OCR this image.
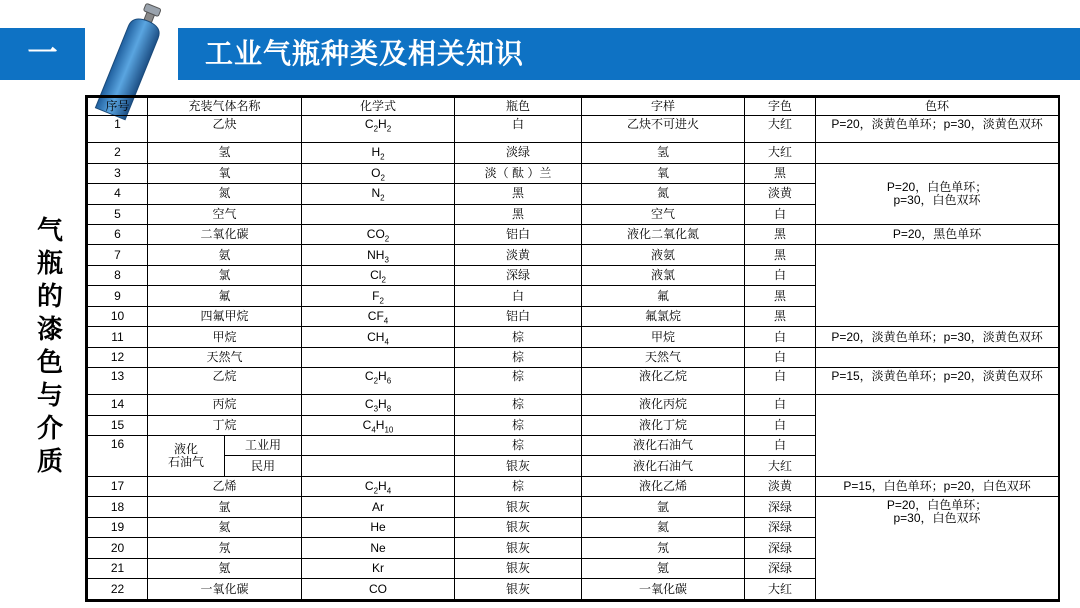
一	工业气瓶种类及相关知识
气
瓶
的
漆
色
与
介
质
序号	充装气体名称		化学式	瓶色	字样	字色	色环
1	乙炔		$C_2H_2$	白	乙炔不可进火	大红	P=20，淡黄色单环；p=30，淡黄色双环
2	氢		$H_2$	淡绿	氢	大红	
3	氧		$O_2$	淡（ 酞 ）兰	氧	黑	P=20，白色单环；
p=30，白色双环

4	氮		$N_2$	黑	氮	淡黄	
5	空气			黑	空气	白	
6	二氧化碳		$CO_2$	铝白	液化二氧化氮	黑	P=20，黑色单环
7	氨		$NH_3$	淡黄	液氨	黑	
8	氯		$Cl_2$	深绿	液氯	白	
9	氟		$F_2$	白	氟	黑	
10	四氟甲烷		$CF_4$	铝白	氟氯烷	黑	
11	甲烷		$CH_4$	棕	甲烷	白	P=20，淡黄色单环；p=30，淡黄色双环
12	天然气			棕	天然气	白	
13	乙烷		$C_2H_6$	棕	液化乙烷	白	P=15，淡黄色单环；p=20，淡黄色双环
14	丙烷		$C_3H_8$	棕	液化丙烷	白	
15	丁烷		$C_4H_{10}$	棕	液化丁烷	白	
16	液化
石油气	工业用		棕	液化石油气	白	
		民用		银灰	液化石油气	大红	
17	乙烯		$C_2H_4$	棕	液化乙烯	淡黄	P=15，白色单环；p=20，白色双环
18	氩		Ar	银灰	氩	深绿	P=20，白色单环；
p=30，白色双环

19	氦		He	银灰	氦	深绿	
20	氖		Ne	银灰	氖	深绿	
21	氪		Kr	银灰	氪	深绿	
22	一氧化碳		CO	银灰	一氧化碳	大红	
